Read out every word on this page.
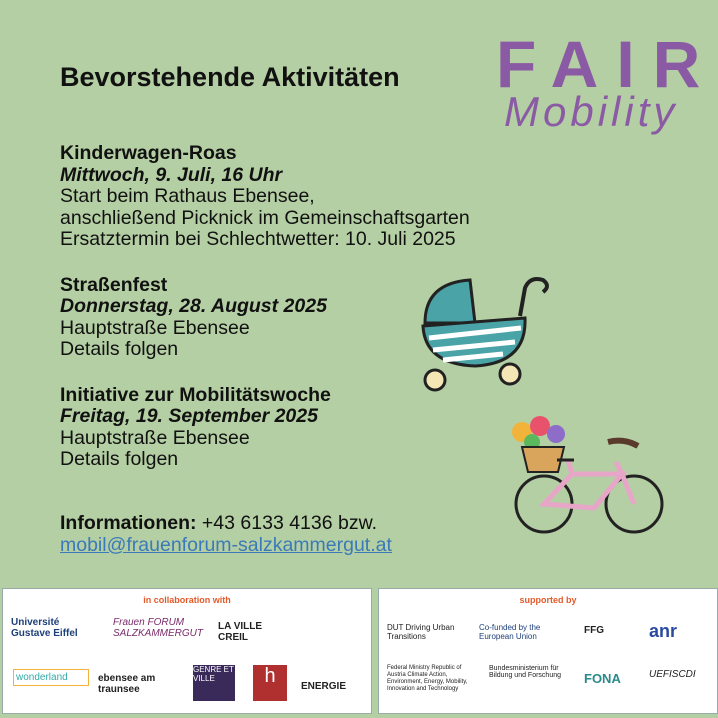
Bevorstehende Aktivitäten FAIR
Mobility
Kinderwagen-Roas
Mittwoch, 9. Juli, 16 Uhr
Start beim Rathaus Ebensee,
anschließend Picknick im Gemeinschaftsgarten
Ersatztermin bei Schlechtwetter: 10. Juli 2025
Straßenfest
Donnerstag, 28. August 2025
Hauptstraße Ebensee
Details folgen
Initiative zur Mobilitätswoche
Freitag, 19. September 2025
Hauptstraße Ebensee
Details folgen
Informationen: +43 6133 4136 bzw.
mobil@frauenforum-salzkammergut.at
in collaboration with
Université Gustave Eiffel
Frauen FORUM SALZKAMMERGUT
LA VILLE CREIL
wonderland	ebensee am traunsee
GENRE ET VILLE	h	ENERGIE
supported by
DUT Driving Urban Transitions
Co-funded by the European Union
FFG	anr
Federal Ministry Republic of Austria Climate Action, Environment, Energy, Mobility, Innovation and Technology
Bundesministerium für Bildung und Forschung	FONA	UEFISCDI
